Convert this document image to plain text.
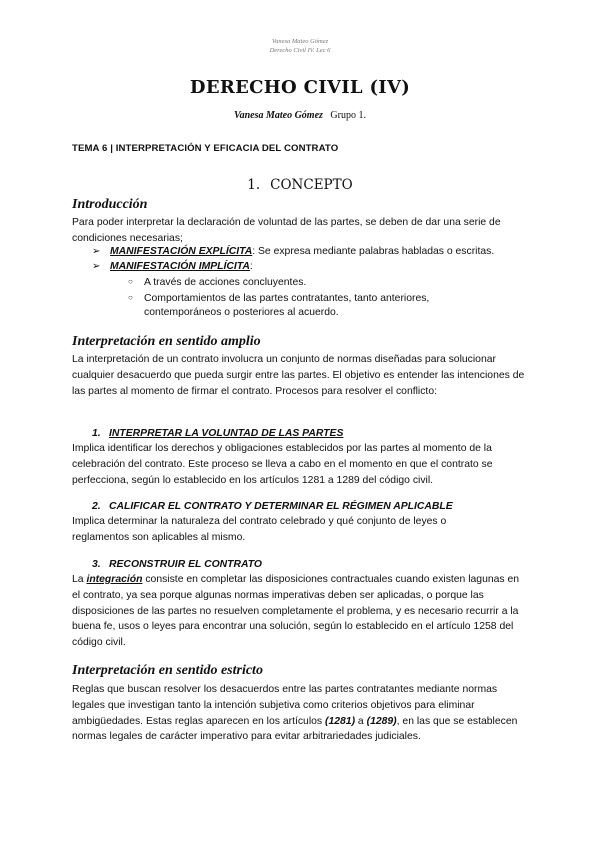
Vanesa Mateo Gómez
Derecho Civil IV. Lec 6
DERECHO CIVIL (IV)
Vanesa Mateo Gómez Grupo 1.
TEMA 6 | INTERPRETACIÓN Y EFICACIA DEL CONTRATO
1. CONCEPTO
Introducción
Para poder interpretar la declaración de voluntad de las partes, se deben de dar una serie de condiciones necesarias;
➢ MANIFESTACIÓN EXPLÍCITA: Se expresa mediante palabras habladas o escritas.
➢ MANIFESTACIÓN IMPLÍCITA:
○ A través de acciones concluyentes.
○ Comportamientos de las partes contratantes, tanto anteriores,
contemporáneos o posteriores al acuerdo.
Interpretación en sentido amplio
La interpretación de un contrato involucra un conjunto de normas diseñadas para solucionar cualquier desacuerdo que pueda surgir entre las partes. El objetivo es entender las intenciones de las partes al momento de firmar el contrato. Procesos para resolver el conflicto:
1. INTERPRETAR LA VOLUNTAD DE LAS PARTES
Implica identificar los derechos y obligaciones establecidos por las partes al momento de la celebración del contrato. Este proceso se lleva a cabo en el momento en que el contrato se perfecciona, según lo establecido en los artículos 1281 a 1289 del código civil.
2. CALIFICAR EL CONTRATO Y DETERMINAR EL RÉGIMEN APLICABLE
Implica determinar la naturaleza del contrato celebrado y qué conjunto de leyes o reglamentos son aplicables al mismo.
3. RECONSTRUIR EL CONTRATO
La integración consiste en completar las disposiciones contractuales cuando existen lagunas en el contrato, ya sea porque algunas normas imperativas deben ser aplicadas, o porque las disposiciones de las partes no resuelven completamente el problema, y es necesario recurrir a la buena fe, usos o leyes para encontrar una solución, según lo establecido en el artículo 1258 del código civil.
Interpretación en sentido estricto
Reglas que buscan resolver los desacuerdos entre las partes contratantes mediante normas legales que investigan tanto la intención subjetiva como criterios objetivos para eliminar ambigüedades. Estas reglas aparecen en los artículos (1281) a (1289), en las que se establecen normas legales de carácter imperativo para evitar arbitrariedades judiciales.
